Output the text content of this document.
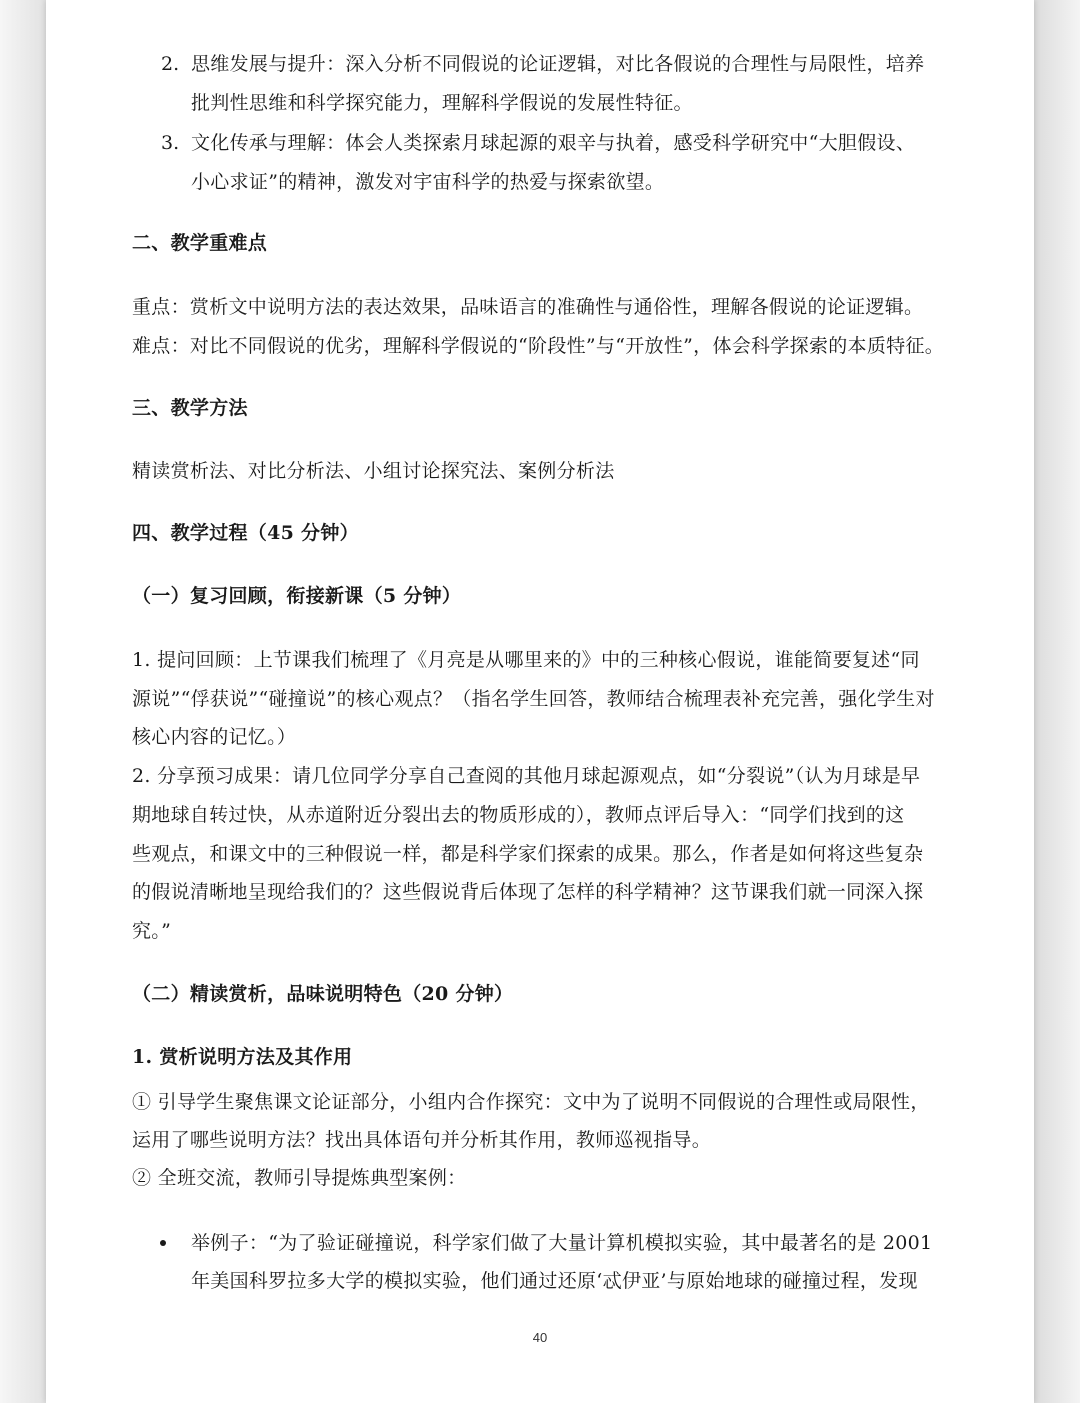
2. 思维发展与提升：深入分析不同假说的论证逻辑，对比各假说的合理性与局限性，培养
批判性思维和科学探究能力，理解科学假说的发展性特征。
3. 文化传承与理解：体会人类探索月球起源的艰辛与执着，感受科学研究中“大胆假设、
小心求证”的精神，激发对宇宙科学的热爱与探索欲望。
二、教学重难点
重点：赏析文中说明方法的表达效果，品味语言的准确性与通俗性，理解各假说的论证逻辑。
难点：对比不同假说的优劣，理解科学假说的“阶段性”与“开放性”，体会科学探索的本质特征。
三、教学方法
精读赏析法、对比分析法、小组讨论探究法、案例分析法
四、教学过程（45 分钟）
（一）复习回顾，衔接新课（5 分钟）
1. 提问回顾：上节课我们梳理了《月亮是从哪里来的》中的三种核心假说，谁能简要复述“同
源说”“俘获说”“碰撞说”的核心观点？（指名学生回答，教师结合梳理表补充完善，强化学生对
核心内容的记忆。）
2. 分享预习成果：请几位同学分享自己查阅的其他月球起源观点，如“分裂说”（认为月球是早
期地球自转过快，从赤道附近分裂出去的物质形成的），教师点评后导入：“同学们找到的这
些观点，和课文中的三种假说一样，都是科学家们探索的成果。那么，作者是如何将这些复杂
的假说清晰地呈现给我们的？这些假说背后体现了怎样的科学精神？这节课我们就一同深入探
究。”
（二）精读赏析，品味说明特色（20 分钟）
1. 赏析说明方法及其作用
① 引导学生聚焦课文论证部分，小组内合作探究：文中为了说明不同假说的合理性或局限性，
运用了哪些说明方法？找出具体语句并分析其作用，教师巡视指导。
② 全班交流，教师引导提炼典型案例：
举例子：“为了验证碰撞说，科学家们做了大量计算机模拟实验，其中最著名的是 2001
年美国科罗拉多大学的模拟实验，他们通过还原‘忒伊亚’与原始地球的碰撞过程，发现
40
